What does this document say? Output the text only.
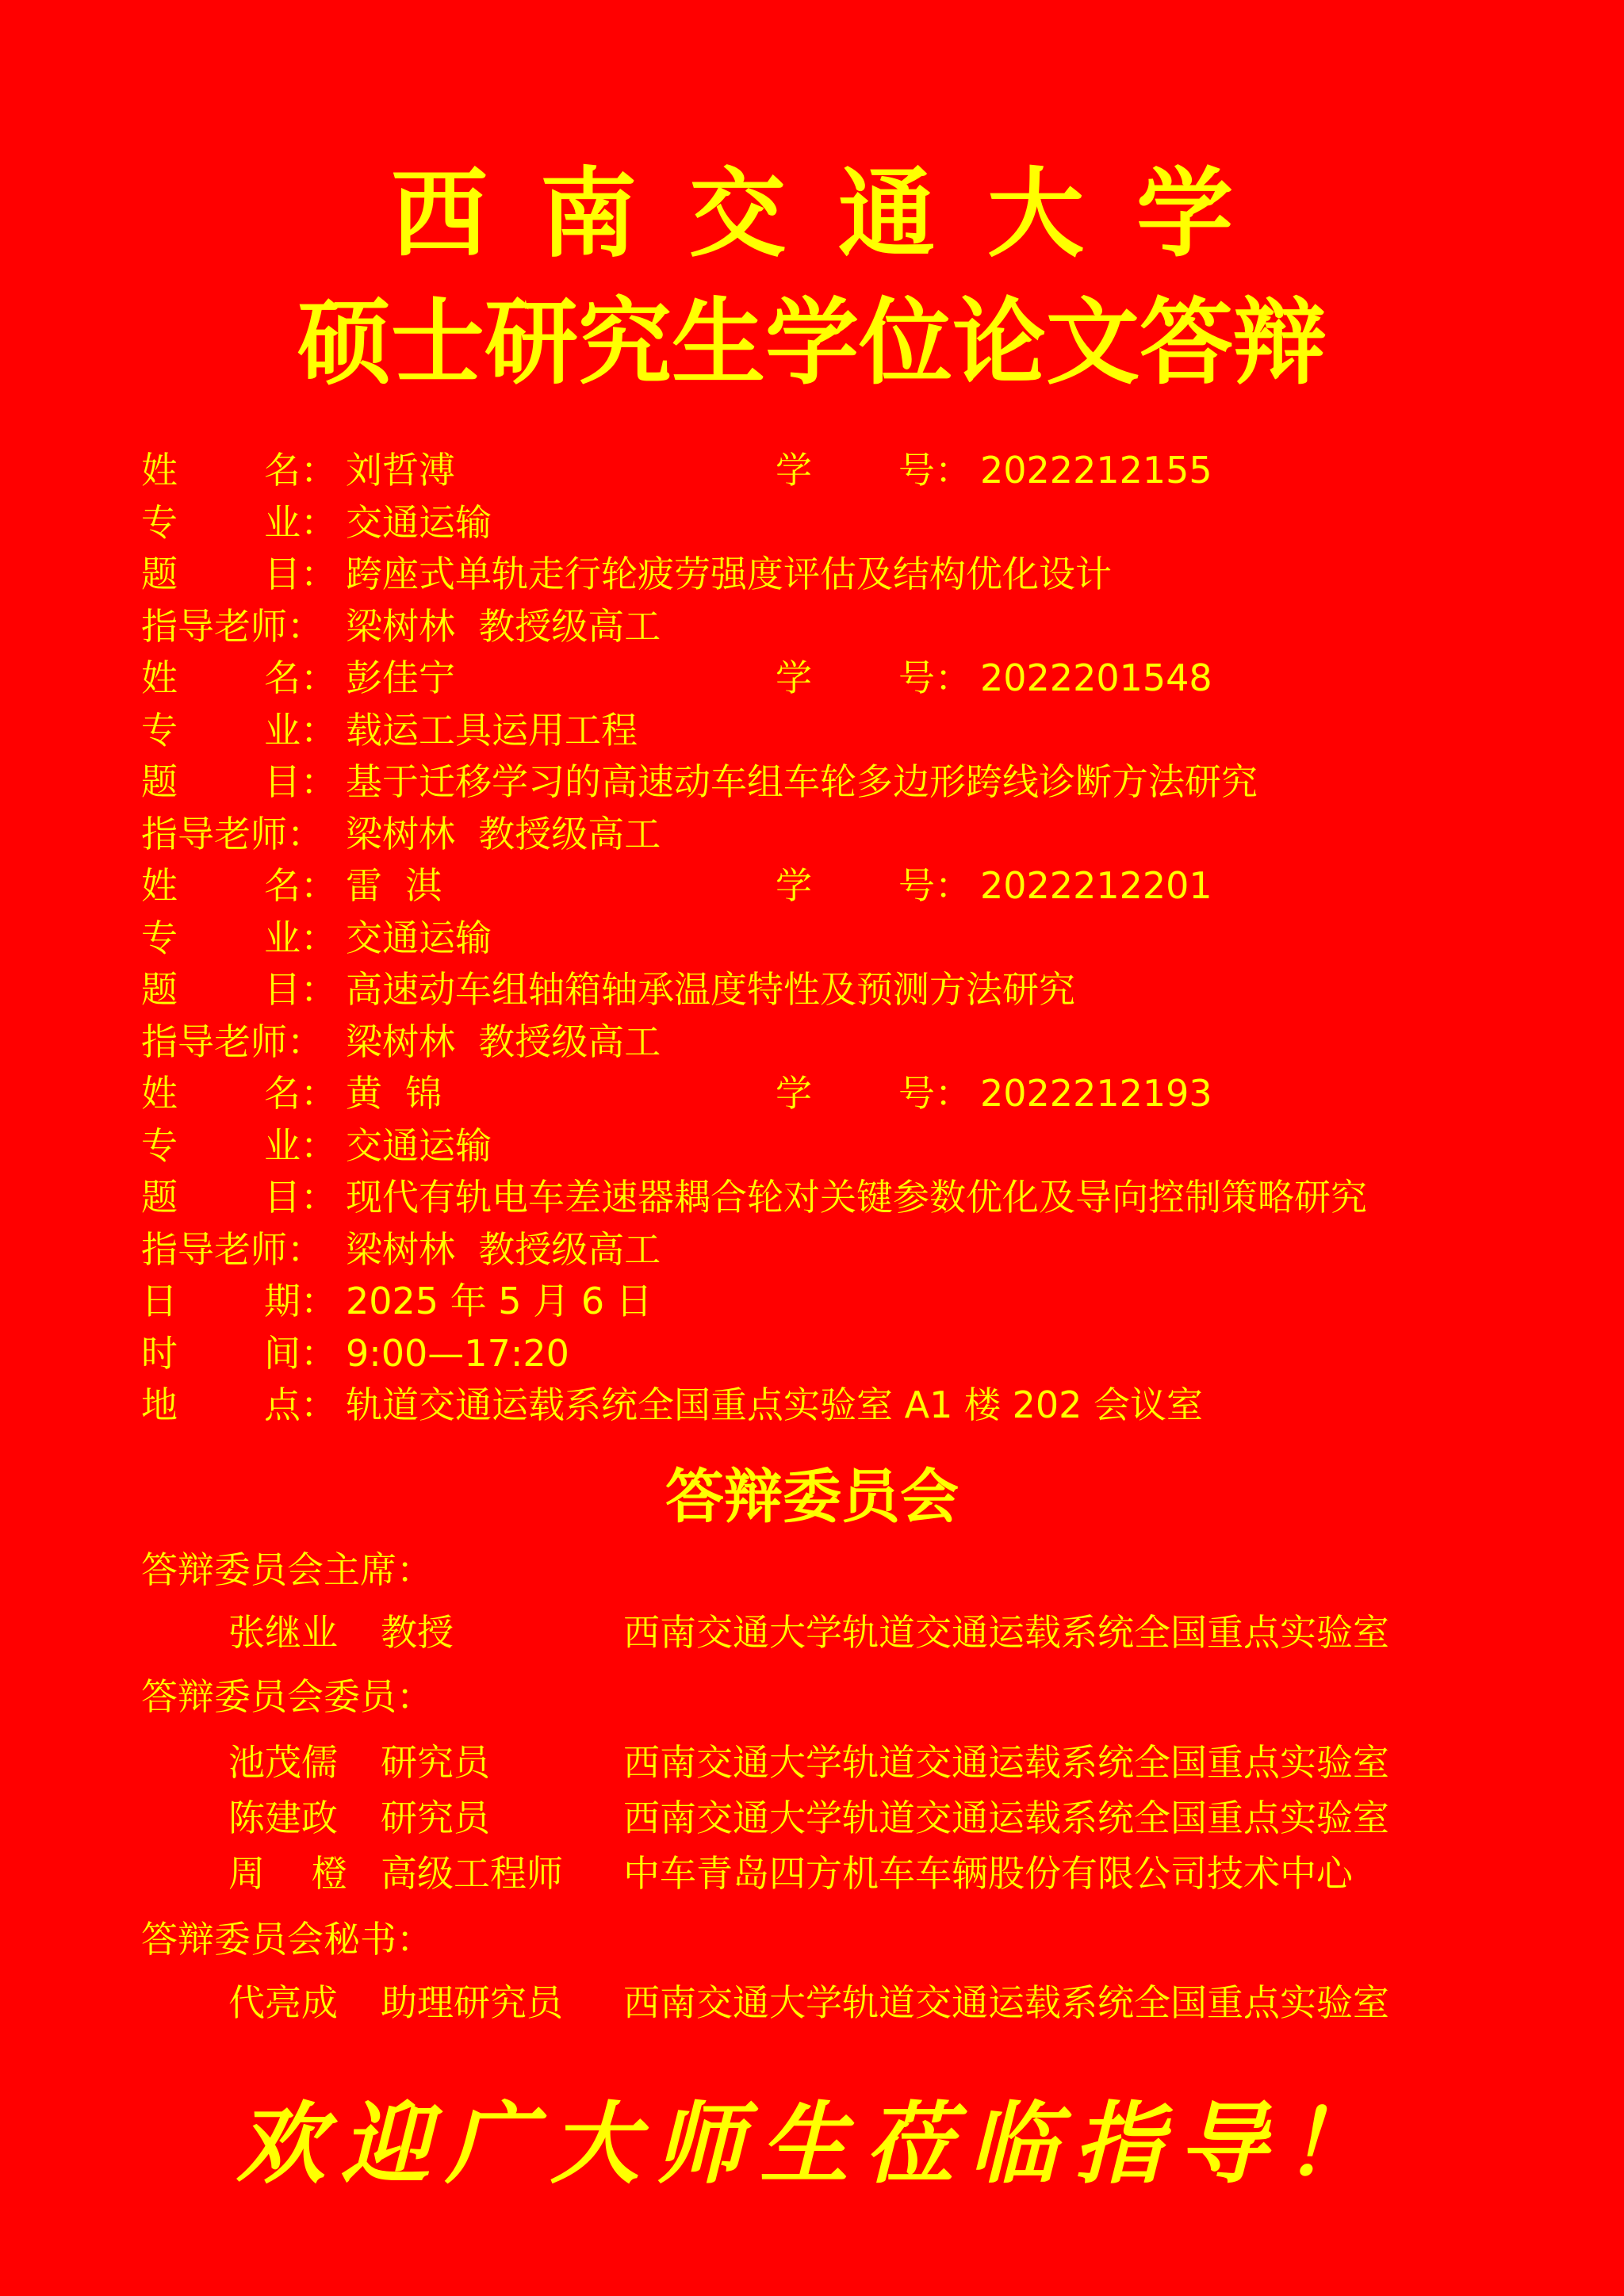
西南交通大学
硕士研究生学位论文答辩
姓 名： 刘哲溥	学 号： 2022212155
专 业： 交通运输
题 目： 跨座式单轨走行轮疲劳强度评估及结构优化设计
指导老师： 梁树林  教授级高工
姓 名： 彭佳宁	学 号： 2022201548
专 业： 载运工具运用工程
题 目： 基于迁移学习的高速动车组车轮多边形跨线诊断方法研究
指导老师： 梁树林  教授级高工
姓 名： 雷  淇	学 号： 2022212201
专 业： 交通运输
题 目： 高速动车组轴箱轴承温度特性及预测方法研究
指导老师： 梁树林  教授级高工
姓 名： 黄  锦	学 号： 2022212193
专 业： 交通运输
题 目： 现代有轨电车差速器耦合轮对关键参数优化及导向控制策略研究
指导老师： 梁树林  教授级高工
日 期： 2025 年 5 月 6 日
时 间： 9:00—17:20
地 点： 轨道交通运载系统全国重点实验室 A1 楼 202 会议室
答辩委员会
答辩委员会主席：
张继业 教授	西南交通大学轨道交通运载系统全国重点实验室
答辩委员会委员：
池茂儒 研究员	西南交通大学轨道交通运载系统全国重点实验室
陈建政 研究员	西南交通大学轨道交通运载系统全国重点实验室
周    橙 高级工程师 中车青岛四方机车车辆股份有限公司技术中心
答辩委员会秘书：
代亮成 助理研究员 西南交通大学轨道交通运载系统全国重点实验室
欢迎广大师生莅临指导！
